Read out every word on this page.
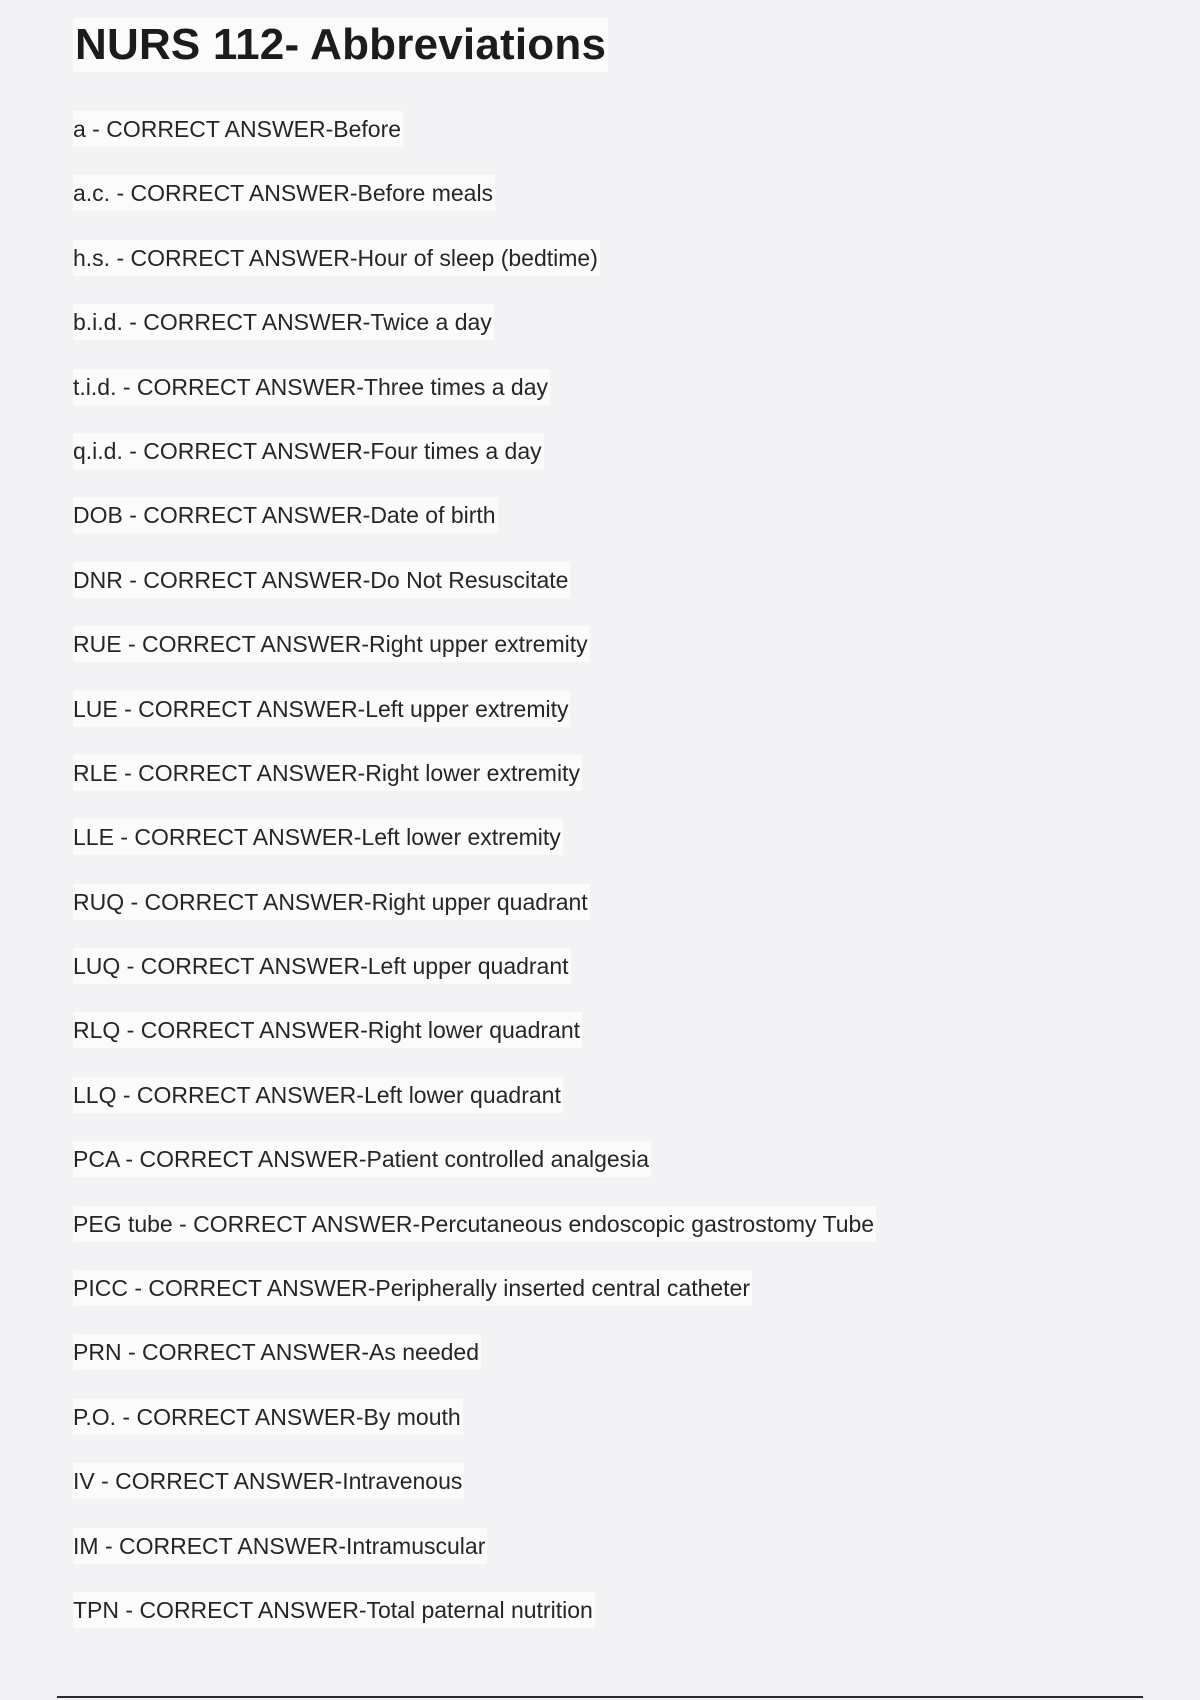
NURS 112- Abbreviations
a - CORRECT ANSWER-Before
a.c. - CORRECT ANSWER-Before meals
h.s. - CORRECT ANSWER-Hour of sleep (bedtime)
b.i.d. - CORRECT ANSWER-Twice a day
t.i.d. - CORRECT ANSWER-Three times a day
q.i.d. - CORRECT ANSWER-Four times a day
DOB - CORRECT ANSWER-Date of birth
DNR - CORRECT ANSWER-Do Not Resuscitate
RUE - CORRECT ANSWER-Right upper extremity
LUE - CORRECT ANSWER-Left upper extremity
RLE - CORRECT ANSWER-Right lower extremity
LLE - CORRECT ANSWER-Left lower extremity
RUQ - CORRECT ANSWER-Right upper quadrant
LUQ - CORRECT ANSWER-Left upper quadrant
RLQ - CORRECT ANSWER-Right lower quadrant
LLQ - CORRECT ANSWER-Left lower quadrant
PCA - CORRECT ANSWER-Patient controlled analgesia
PEG tube - CORRECT ANSWER-Percutaneous endoscopic gastrostomy Tube
PICC - CORRECT ANSWER-Peripherally inserted central catheter
PRN - CORRECT ANSWER-As needed
P.O. - CORRECT ANSWER-By mouth
IV - CORRECT ANSWER-Intravenous
IM - CORRECT ANSWER-Intramuscular
TPN - CORRECT ANSWER-Total paternal nutrition
